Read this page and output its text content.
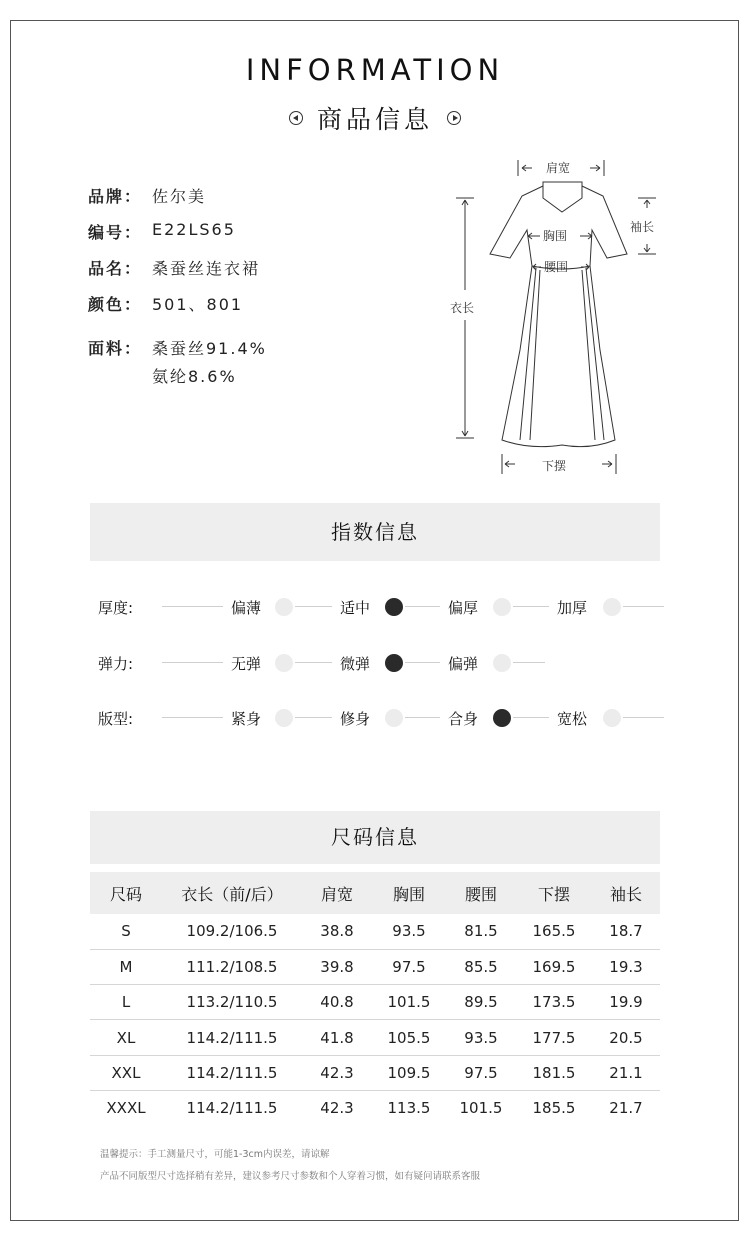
INFORMATION
商品信息
品牌： 佐尔美
编号： E22LS65
品名： 桑蚕丝连衣裙
颜色： 501、801
面料： 桑蚕丝91.4%
氨纶8.6%
肩宽
袖长
胸围
腰围
衣长
下摆
指数信息
厚度:	偏薄	适中	偏厚	加厚
弹力:	无弹	微弹	偏弹
版型:	紧身	修身	合身	宽松
尺码信息
尺码	衣长（前/后）	肩宽	胸围	腰围	下摆	袖长
S	109.2/106.5	38.8	93.5	81.5	165.5	18.7
M	111.2/108.5	39.8	97.5	85.5	169.5	19.3
L	113.2/110.5	40.8	101.5	89.5	173.5	19.9
XL	114.2/111.5	41.8	105.5	93.5	177.5	20.5
XXL	114.2/111.5	42.3	109.5	97.5	181.5	21.1
XXXL	114.2/111.5	42.3	113.5	101.5	185.5	21.7
温馨提示：手工测量尺寸，可能1-3cm内误差，请谅解
产品不同版型尺寸选择稍有差异，建议参考尺寸参数和个人穿着习惯，如有疑问请联系客服
